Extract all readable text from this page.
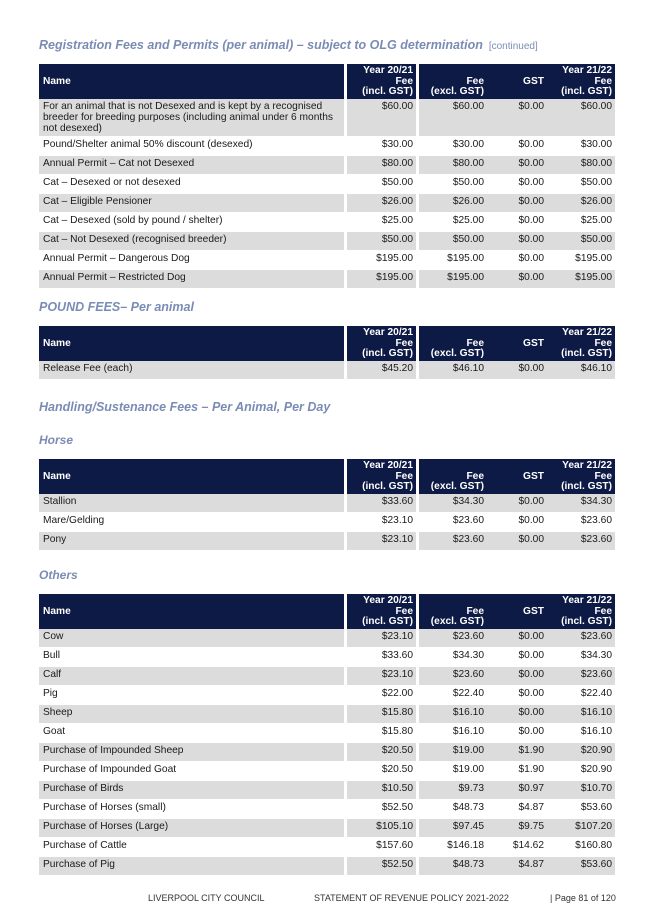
Registration Fees and Permits (per animal) – subject to OLG determination [continued]
Name	Year 20/21			Year 21/22
	Fee	Fee	GST	Fee
	(incl. GST)	(excl. GST)		(incl. GST)
For an animal that is not Desexed and is kept by a recognised breeder for breeding purposes (including animal under 6 months not desexed)	$60.00	$60.00	$0.00	$60.00
Pound/Shelter animal 50% discount (desexed)	$30.00	$30.00	$0.00	$30.00
Annual Permit – Cat not Desexed	$80.00	$80.00	$0.00	$80.00
Cat – Desexed or not desexed	$50.00	$50.00	$0.00	$50.00
Cat – Eligible Pensioner	$26.00	$26.00	$0.00	$26.00
Cat – Desexed (sold by pound / shelter)	$25.00	$25.00	$0.00	$25.00
Cat – Not Desexed (recognised breeder)	$50.00	$50.00	$0.00	$50.00
Annual Permit – Dangerous Dog	$195.00	$195.00	$0.00	$195.00
Annual Permit – Restricted Dog	$195.00	$195.00	$0.00	$195.00
POUND FEES– Per animal
Name	Year 20/21			Year 21/22
	Fee	Fee	GST	Fee
	(incl. GST)	(excl. GST)		(incl. GST)
Release Fee (each)	$45.20	$46.10	$0.00	$46.10
Handling/Sustenance Fees – Per Animal, Per Day
Horse
Name	Year 20/21			Year 21/22
	Fee	Fee	GST	Fee
	(incl. GST)	(excl. GST)		(incl. GST)
Stallion	$33.60	$34.30	$0.00	$34.30
Mare/Gelding	$23.10	$23.60	$0.00	$23.60
Pony	$23.10	$23.60	$0.00	$23.60
Others
Name	Year 20/21			Year 21/22
	Fee	Fee	GST	Fee
	(incl. GST)	(excl. GST)		(incl. GST)
Cow	$23.10	$23.60	$0.00	$23.60
Bull	$33.60	$34.30	$0.00	$34.30
Calf	$23.10	$23.60	$0.00	$23.60
Pig	$22.00	$22.40	$0.00	$22.40
Sheep	$15.80	$16.10	$0.00	$16.10
Goat	$15.80	$16.10	$0.00	$16.10
Purchase of Impounded Sheep	$20.50	$19.00	$1.90	$20.90
Purchase of Impounded Goat	$20.50	$19.00	$1.90	$20.90
Purchase of Birds	$10.50	$9.73	$0.97	$10.70
Purchase of Horses (small)	$52.50	$48.73	$4.87	$53.60
Purchase of Horses (Large)	$105.10	$97.45	$9.75	$107.20
Purchase of Cattle	$157.60	$146.18	$14.62	$160.80
Purchase of Pig	$52.50	$48.73	$4.87	$53.60
LIVERPOOL CITY COUNCIL	STATEMENT OF REVENUE POLICY 2021-2022	| Page 81 of 120
